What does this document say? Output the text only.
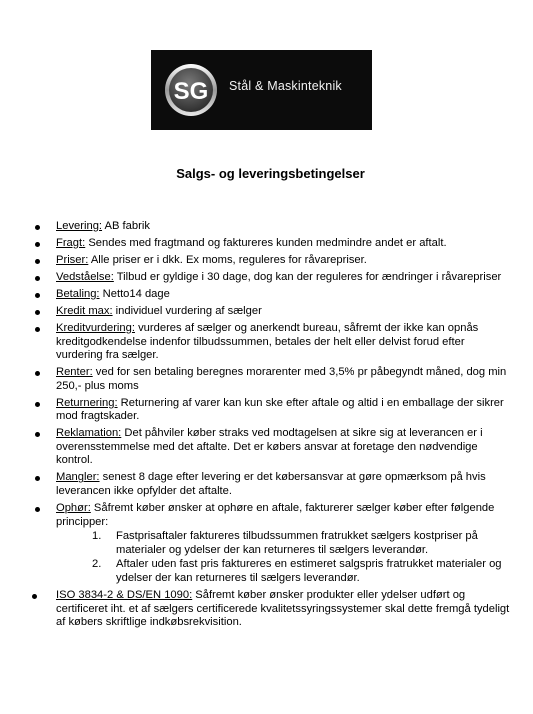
SG Stål & Maskinteknik
Salgs- og leveringsbetingelser
Levering: AB fabrik
Fragt: Sendes med fragtmand og faktureres kunden medmindre andet er aftalt.
Priser: Alle priser er i dkk. Ex moms, reguleres for råvarepriser.
Vedståelse: Tilbud er gyldige i 30 dage, dog kan der reguleres for ændringer i råvarepriser
Betaling: Netto14 dage
Kredit max: individuel vurdering af sælger
Kreditvurdering: vurderes af sælger og anerkendt bureau, såfremt der ikke kan opnås kreditgodkendelse indenfor tilbudssummen, betales der helt eller delvist forud efter vurdering fra sælger.
Renter: ved for sen betaling beregnes morarenter med 3,5% pr påbegyndt måned, dog min 250,- plus moms
Returnering: Returnering af varer kan kun ske efter aftale og altid i en emballage der sikrer mod fragtskader.
Reklamation: Det påhviler køber straks ved modtagelsen at sikre sig at leverancen er i overensstemmelse med det aftalte. Det er købers ansvar at foretage den nødvendige kontrol.
Mangler: senest 8 dage efter levering er det købersansvar at gøre opmærksom på hvis leverancen ikke opfylder det aftalte.
Ophør: Såfremt køber ønsker at ophøre en aftale, fakturerer sælger køber efter følgende principper:
1. Fastprisaftaler faktureres tilbudssummen fratrukket sælgers kostpriser på materialer og ydelser der kan returneres til sælgers leverandør.
2. Aftaler uden fast pris faktureres en estimeret salgspris fratrukket materialer og ydelser der kan returneres til sælgers leverandør.
ISO 3834-2 & DS/EN 1090: Såfremt køber ønsker produkter eller ydelser udført og certificeret iht. et af sælgers certificerede kvalitetssyringssystemer skal dette fremgå tydeligt af købers skriftlige indkøbsrekvisition.
